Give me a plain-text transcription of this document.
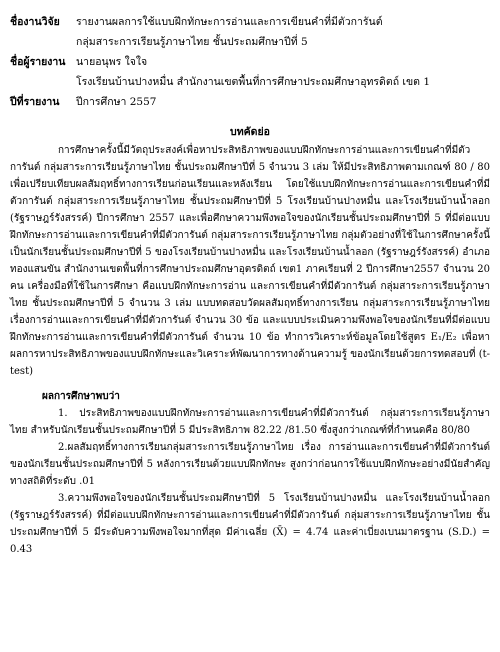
ชื่องานวิจัย	รายงานผลการใช้แบบฝึกทักษะการอ่านและการเขียนคำที่มีตัวการันต์
กลุ่มสาระการเรียนรู้ภาษาไทย ชั้นประถมศึกษาปีที่ 5
ชื่อผู้รายงาน	นายอนุพร ใจใจ
โรงเรียนบ้านปางหมื่น สำนักงานเขตพื้นที่การศึกษาประถมศึกษาอุทรดิตถ์ เขต 1
ปีที่รายงาน	ปีการศึกษา 2557
บทคัดย่อ

การศึกษาครั้งนี้มีวัตถุประสงค์เพื่อหาประสิทธิภาพของแบบฝึกทักษะการอ่านและการเขียนคำที่มีตัวการันต์ กลุ่มสาระการเรียนรู้ภาษาไทย ชั้นประถมศึกษาปีที่ 5 จำนวน 3 เล่ม ให้มีประสิทธิภาพตามเกณฑ์ 80 / 80 เพื่อเปรียบเทียบผลสัมฤทธิ์ทางการเรียนก่อนเรียนและหลังเรียน โดยใช้แบบฝึกทักษะการอ่านและการเขียนคำที่มีตัวการันต์ กลุ่มสาระการเรียนรู้ภาษาไทย ชั้นประถมศึกษาปีที่ 5 โรงเรียนบ้านปางหมื่น และโรงเรียนบ้านน้ำลอก (รัฐราษฎร์รังสรรค์) ปีการศึกษา 2557 และเพื่อศึกษาความพึงพอใจของนักเรียนชั้นประถมศึกษาปีที่ 5 ที่มีต่อแบบฝึกทักษะการอ่านและการเขียนคำที่มีตัวการันต์ กลุ่มสาระการเรียนรู้ภาษาไทย กลุ่มตัวอย่างที่ใช้ในการศึกษาครั้งนี้เป็นนักเรียนชั้นประถมศึกษาปีที่ 5 ของโรงเรียนบ้านปางหมื่น และโรงเรียนบ้านน้ำลอก (รัฐราษฎร์รังสรรค์) อำเภอทองแสนขัน สำนักงานเขตพื้นที่การศึกษาประถมศึกษาอุตรดิตถ์ เขต1 ภาคเรียนที่ 2 ปีการศึกษา2557 จำนวน 20 คน เครื่องมือที่ใช้ในการศึกษา คือแบบฝึกทักษะการอ่าน และการเขียนคำที่มีตัวการันต์ กลุ่มสาระการเรียนรู้ภาษาไทย ชั้นประถมศึกษาปีที่ 5 จำนวน 3 เล่ม แบบทดสอบวัดผลสัมฤทธิ์ทางการเรียน กลุ่มสาระการเรียนรู้ภาษาไทย เรื่องการอ่านและการเขียนคำที่มีตัวการันต์ จำนวน 30 ข้อ และแบบประเมินความพึงพอใจของนักเรียนที่มีต่อแบบฝึกทักษะการอ่านและการเขียนคำที่มีตัวการันต์ จำนวน 10 ข้อ ทำการวิเคราะห์ข้อมูลโดยใช้สูตร E₁/E₂ เพื่อหาผลการหาประสิทธิภาพของแบบฝึกทักษะและวิเคราะห์พัฒนาการทางด้านความรู้ ของนักเรียนด้วยการทดสอบที่ (t-test)

ผลการศึกษาพบว่า

1. ประสิทธิภาพของแบบฝึกทักษะการอ่านและการเขียนคำที่มีตัวการันต์ กลุ่มสาระการเรียนรู้ภาษาไทย สำหรับนักเรียนชั้นประถมศึกษาปีที่ 5 มีประสิทธิภาพ 82.22 /81.50 ซึ่งสูงกว่าเกณฑ์ที่กำหนดคือ 80/80

2.ผลสัมฤทธิ์ทางการเรียนกลุ่มสาระการเรียนรู้ภาษาไทย เรื่อง การอ่านและการเขียนคำที่มีตัวการันต์ ของนักเรียนชั้นประถมศึกษาปีที่ 5 หลังการเรียนด้วยแบบฝึกทักษะ สูงกว่าก่อนการใช้แบบฝึกทักษะอย่างมีนัยสำคัญทางสถิติที่ระดับ .01

3.ความพึงพอใจของนักเรียนชั้นประถมศึกษาปีที่ 5 โรงเรียนบ้านปางหมื่น และโรงเรียนบ้านน้ำลอก (รัฐราษฎร์รังสรรค์) ที่มีต่อแบบฝึกทักษะการอ่านและการเขียนคำที่มีตัวการันต์ กลุ่มสาระการเรียนรู้ภาษาไทย ชั้นประถมศึกษาปีที่ 5 มีระดับความพึงพอใจมากที่สุด มีค่าเฉลี่ย (X̄) = 4.74 และค่าเบี่ยงเบนมาตรฐาน (S.D.) = 0.43
